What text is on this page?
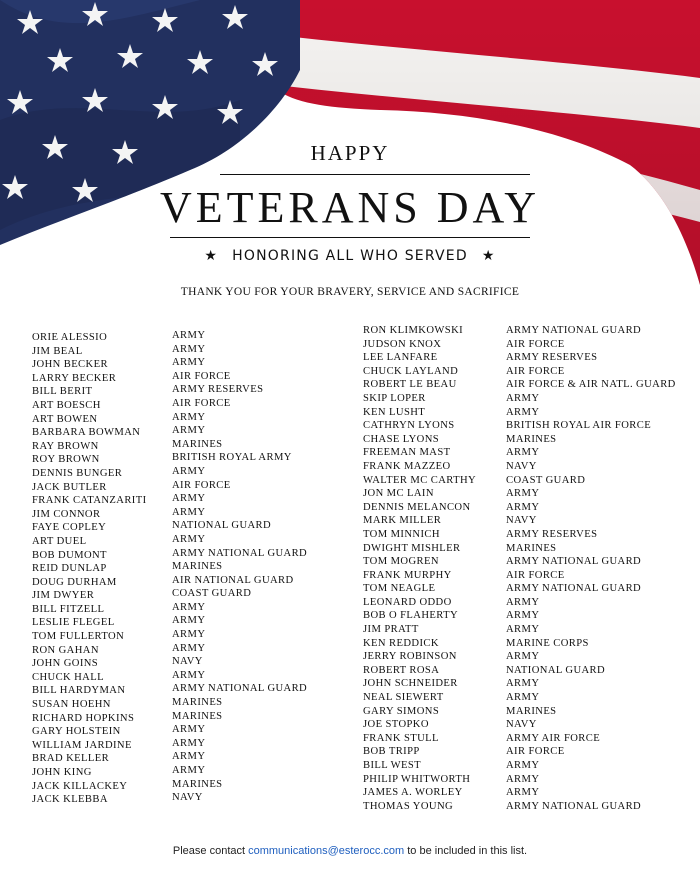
HAPPY
VETERANS DAY
★ HONORING ALL WHO SERVED ★
THANK YOU FOR YOUR BRAVERY, SERVICE AND SACRIFICE
ORIE ALESSIO
JIM BEAL
JOHN BECKER
LARRY BECKER
BILL BERIT
ART BOESCH
ART BOWEN
BARBARA BOWMAN
RAY BROWN
ROY BROWN
DENNIS BUNGER
JACK BUTLER
FRANK CATANZARITI
JIM CONNOR
FAYE COPLEY
ART DUEL
BOB DUMONT
REID DUNLAP
DOUG DURHAM
JIM DWYER
BILL FITZELL
LESLIE FLEGEL
TOM FULLERTON
RON GAHAN
JOHN GOINS
CHUCK HALL
BILL HARDYMAN
SUSAN HOEHN
RICHARD HOPKINS
GARY HOLSTEIN
WILLIAM JARDINE
BRAD KELLER
JOHN KING
JACK KILLACKEY
JACK KLEBBA
ARMY
ARMY
ARMY
AIR FORCE
ARMY RESERVES
AIR FORCE
ARMY
ARMY
MARINES
BRITISH ROYAL ARMY
ARMY
AIR FORCE
ARMY
ARMY
NATIONAL GUARD
ARMY
ARMY NATIONAL GUARD
MARINES
AIR NATIONAL GUARD
COAST GUARD
ARMY
ARMY
ARMY
ARMY
NAVY
ARMY
ARMY NATIONAL GUARD
MARINES
MARINES
ARMY
ARMY
ARMY
ARMY
MARINES
NAVY
RON KLIMKOWSKI
JUDSON KNOX
LEE LANFARE
CHUCK LAYLAND
ROBERT LE BEAU
SKIP LOPER
KEN LUSHT
CATHRYN LYONS
CHASE LYONS
FREEMAN MAST
FRANK MAZZEO
WALTER MC CARTHY
JON MC LAIN
DENNIS MELANCON
MARK MILLER
TOM MINNICH
DWIGHT MISHLER
TOM MOGREN
FRANK MURPHY
TOM NEAGLE
LEONARD ODDO
BOB O FLAHERTY
JIM PRATT
KEN REDDICK
JERRY ROBINSON
ROBERT ROSA
JOHN SCHNEIDER
NEAL SIEWERT
GARY SIMONS
JOE STOPKO
FRANK STULL
BOB TRIPP
BILL WEST
PHILIP WHITWORTH
JAMES A. WORLEY
THOMAS YOUNG
ARMY NATIONAL GUARD
AIR FORCE
ARMY RESERVES
AIR FORCE
AIR FORCE & AIR NATL. GUARD
ARMY
ARMY
BRITISH ROYAL AIR FORCE
MARINES
ARMY
NAVY
COAST GUARD
ARMY
ARMY
NAVY
ARMY RESERVES
MARINES
ARMY NATIONAL GUARD
AIR FORCE
ARMY NATIONAL GUARD
ARMY
ARMY
ARMY
MARINE CORPS
ARMY
NATIONAL GUARD
ARMY
ARMY
MARINES
NAVY
ARMY AIR FORCE
AIR FORCE
ARMY
ARMY
ARMY
ARMY NATIONAL GUARD
Please contact communications@esterocc.com to be included in this list.
